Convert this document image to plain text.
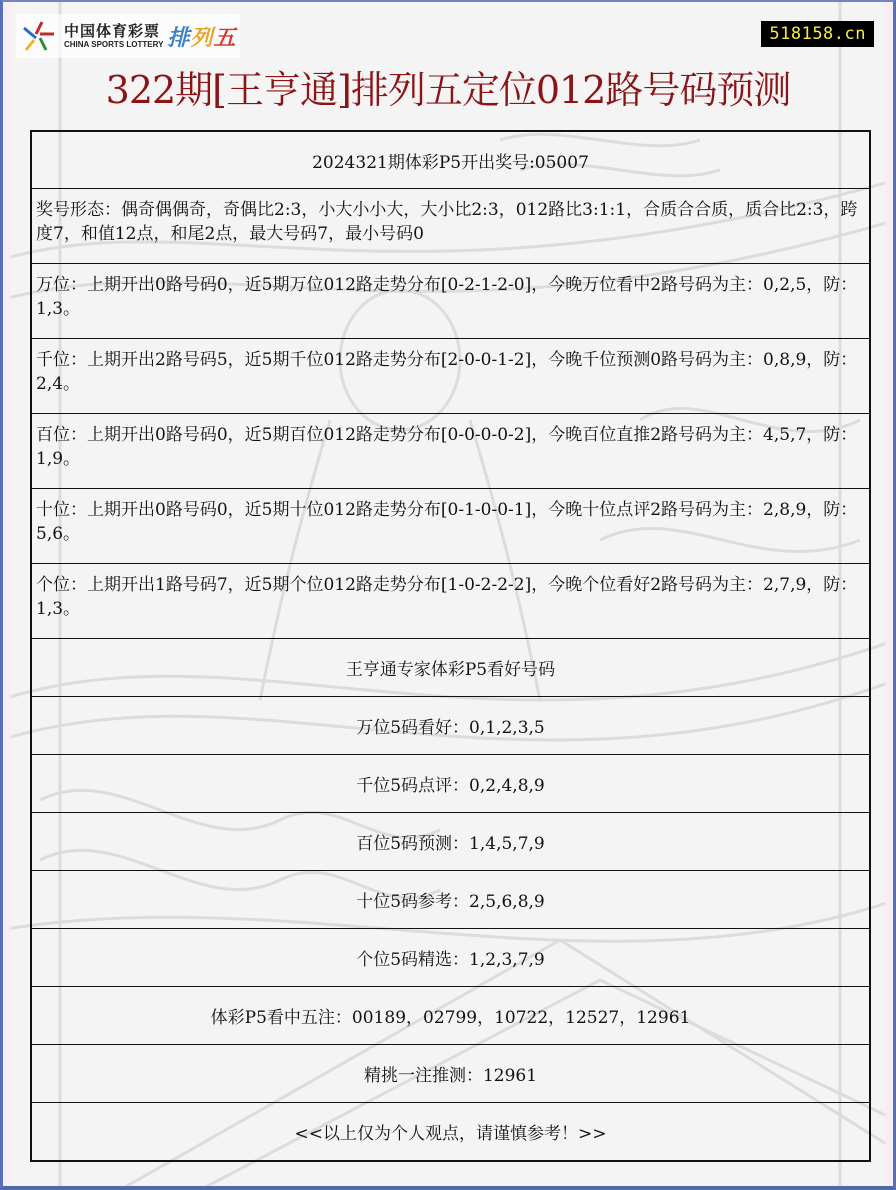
中国体育彩票
CHINA SPORTS LOTTERY 排列五	518158.cn
322期[王亨通]排列五定位012路号码预测
2024321期体彩P5开出奖号:05007
奖号形态：偶奇偶偶奇，奇偶比2:3，小大小小大，大小比2:3，012路比3:1:1，合质合合质，质合比2:3，跨度7，和值12点，和尾2点，最大号码7，最小号码0
万位：上期开出0路号码0，近5期万位012路走势分布[0-2-1-2-0]，今晚万位看中2路号码为主：0,2,5，防：1,3。
千位：上期开出2路号码5，近5期千位012路走势分布[2-0-0-1-2]，今晚千位预测0路号码为主：0,8,9，防：2,4。
百位：上期开出0路号码0，近5期百位012路走势分布[0-0-0-0-2]，今晚百位直推2路号码为主：4,5,7，防：1,9。
十位：上期开出0路号码0，近5期十位012路走势分布[0-1-0-0-1]，今晚十位点评2路号码为主：2,8,9，防：5,6。
个位：上期开出1路号码7，近5期个位012路走势分布[1-0-2-2-2]，今晚个位看好2路号码为主：2,7,9，防：1,3。
王亨通专家体彩P5看好号码
万位5码看好：0,1,2,3,5
千位5码点评：0,2,4,8,9
百位5码预测：1,4,5,7,9
十位5码参考：2,5,6,8,9
个位5码精选：1,2,3,7,9
体彩P5看中五注：00189，02799，10722，12527，12961
精挑一注推测：12961
<<以上仅为个人观点，请谨慎参考！>>
